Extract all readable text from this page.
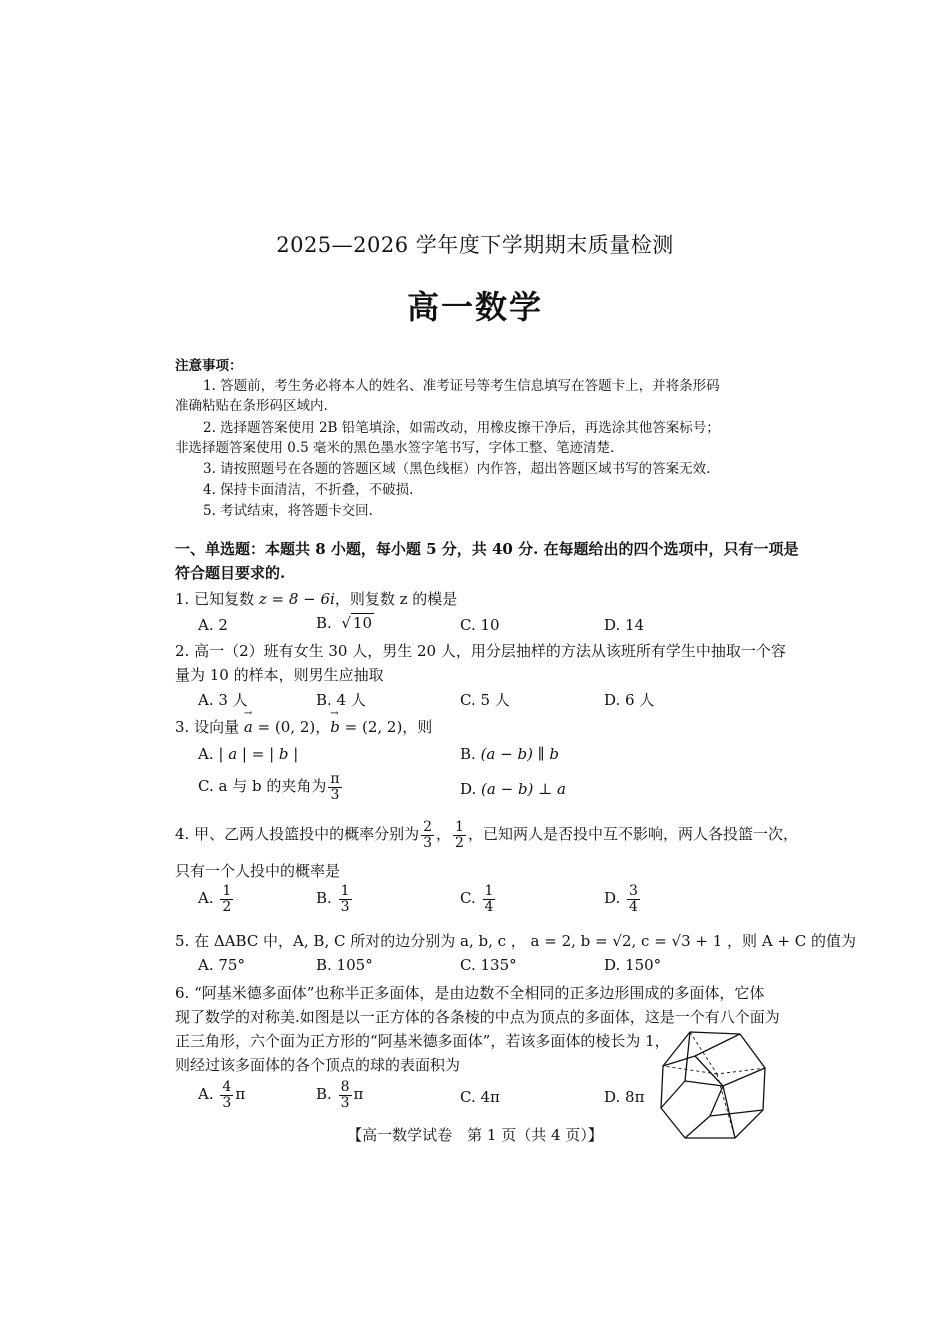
2025—2026 学年度下学期期末质量检测
高一数学
注意事项：
1. 答题前，考生务必将本人的姓名、准考证号等考生信息填写在答题卡上，并将条形码
准确粘贴在条形码区域内.
2. 选择题答案使用 2B 铅笔填涂，如需改动，用橡皮擦干净后，再选涂其他答案标号；
非选择题答案使用 0.5 毫米的黑色墨水签字笔书写，字体工整、笔迹清楚.
3. 请按照题号在各题的答题区域（黑色线框）内作答，超出答题区域书写的答案无效.
4. 保持卡面清洁，不折叠，不破损.
5. 考试结束，将答题卡交回.
一、单选题：本题共 8 小题，每小题 5 分，共 40 分. 在每题给出的四个选项中，只有一项是
符合题目要求的.
1. 已知复数 z = 8 − 6i，则复数 z 的模是
A. 2	B.  √ 10	C. 10	D. 14
2. 高一（2）班有女生 30 人，男生 20 人，用分层抽样的方法从该班所有学生中抽取一个容
量为 10 的样本，则男生应抽取
A. 3 人	B. 4 人	C. 5 人	D. 6 人
3. 设向量 → a = (0, 2)，→ b = (2, 2)，则
A. | a | = | b |	B. (a − b) ∥ b
C. a 与 b 的夹角为 $\frac{\pi}{3}$	D. (a − b) ⊥ a
4. 甲、乙两人投篮投中的概率分别为 $\frac{2}{3}$ ， $\frac{1}{2}$ ，已知两人是否投中互不影响，两人各投篮一次，
只有一个人投中的概率是
A. $\frac{1}{2}$	B. $\frac{1}{3}$	C. $\frac{1}{4}$	D. $\frac{3}{4}$
5. 在 ΔABC 中，A, B, C 所对的边分别为 a, b, c ， a = 2, b = √2, c = √3 + 1 ，则 A + C 的值为
A. 75°	B. 105°	C. 135°	D. 150°
6. “阿基米德多面体”也称半正多面体，是由边数不全相同的正多边形围成的多面体，它体
现了数学的对称美.如图是以一正方体的各条棱的中点为顶点的多面体，这是一个有八个面为
正三角形，六个面为正方形的“阿基米德多面体”，若该多面体的棱长为 1，
则经过该多面体的各个顶点的球的表面积为
A. $\frac{4}{3}$ π	B. $\frac{8}{3}$ π	C. 4π	D. 8π
【高一数学试卷　第 1 页（共 4 页）】
